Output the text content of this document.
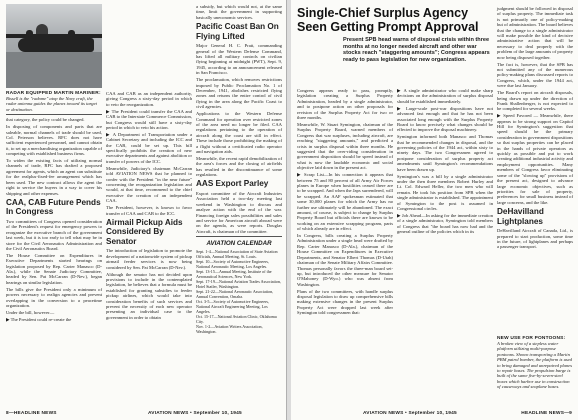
RADAR EQUIPPED MARTIN MARINER:
Bissell is the "radome" atop the Navy craft, the radar antenna guides the planes toward its target or destination.

that category, the policy could be changed.

In disposing of components and parts that are saleable, normal channels of trade should be used, Col. Peterson believes. RFC does not have sufficient experienced personnel, and cannot obtain it, to set up a merchandising organization capable of competing with established business firms.

To widen the existing facts of utilizing normal channels of trade, RFC has drafted a proposed agreement for agents, which an agent can substitute for the realplus-fixed-fee arrangement which has been used. The new contract allows the agent the right to service the buyers in a way to cover his shipping and other expenses.

CAA, CAB Future Pends In Congress

Two committees of Congress opened consideration of the President's request for emergency powers to reorganize the executive branch of the government last week, but it is too early to tell what may be in store for the Civil Aeronautics Administration and the Civil Aeronautics Board.

The House Committee on Expenditures in Executive Departments started hearings on legislation proposed by Rep. Carter Manasco (D-Ala.), while the Senate Judiciary Committee, headed by Sen. Pat McCarran (D-Nev.), began hearings on similar legislation.

The bills give the President only a minimum of powers necessary to realign agencies and prevent overlapping in the conversion to a peacetime organization.

Under the bill, however—

▶ The President could re-create the

CAA and CAB as an independent authority, giving Congress a sixty-day period in which to veto the reorganization.

▶ The President could transfer the CAA and CAB to the Interstate Commerce Commission, but Congress would still have a sixty-day period in which to veto his action.

▶ A Department of Transportation under a Cabinet Secretary and including the ICC and the CAB, could be set up. This bill specifically prohibits the creation of new executive departments and against abolition or transfer of powers of the ICC.

Meanwhile, Judiciary's chairman McCarran told AVIATION NEWS that he planned to confer with the President "in the near future" concerning the reorganization legislation and would, at that time, recommend to the chief executive the creation of an independent CAA.

The President, however, is known to favor transfer of CAA and CAB to the ICC.

Airmail Pickup Aids Considered By Senator

The introduction of legislation to promote the development of a nationwide system of pickup airmail feeder services is now being considered by Sen. Pat McCarran (D-Nev.).

Although the senator has not decided upon provisions to include in the contemplated legislation, he believes that a formula must be established for granting subsidies to feeder pickup airlines, which would take into consideration benefits of such services and prevent the necessity of each new operator presenting an individual case to the government in order to obtain

a subsidy, but which would not, at the same time, limit the government in supporting basically uneconomic services.

Pacific Coast Ban On Flying Lifted

Major General H. C. Pratt, commanding general of the Western Defense Command, has lifted all military controls on civilian flying beginning at midnight (PWT), Sept. 9, 1945, according to an announcement released in San Francisco.

The proclamation, which removes restrictions imposed by Public Proclamation No. 1 of December, 1941, abolishes restricted flying zones and returns the entire control of civil flying in the area along the Pacific Coast to civil agencies.

Applications to the Western Defense Command for operation over restricted zones of the area need no longer be filed. CAA regulations pertaining to the operation of aircraft along the coast are still in effect. These include those prohibiting the making of a flight without a certificated radio operator and navigation aids.

Meanwhile, the recent rapid demobilization of the area's forces and the closing of airfields has resulted in the discontinuance of some regulations.

AAS Export Parley

Export committee of the Aircraft Industries Association held a two-day meeting last weekend in Washington to discuss and analyze action with the end of the war. Financing foreign sales possibilities and sales and service for American aircraft abroad were on the agenda, as were reports. Douglas Aircraft, is chairman of the committee.

AVIATION CALENDAR
Sept. 1-4—National Association of State Aviation Officials, Annual Meeting, St. Louis.
Sept. 10—Society of Automotive Engineers, National Aeronautic Meeting, Los Angeles.
Sept. 13-15—Annual Meeting, Institute of the Aeronautical Sciences, New York.
Sept. 17-19—National Aviation Trades Association, Hotel Statler, Washington.
Sept. 21-22—National Aeronautic Association, Annual Convention, Omaha.
Oct. 3-5—Society of Automotive Engineers, National Aircraft Engineering Meeting, Los Angeles.
Oct. 15-17—National Aviation Clinic, Oklahoma City.
Nov. 1-2—Aviation Writers Association, Washington.
8—HEADLINE NEWS	AVIATION NEWS • September 10, 1945
Single-Chief Surplus Agency Seen Getting Prompt Approval
Present SPB head warns of disposal crisis within three months at no longer needed aircraft and other war stocks reach "staggering amounts"; Congress appears ready to pass legislation for new organization.

Congress appears ready to pass, promptly, legislation creating a Surplus Property Administration, headed by a single administrator, and to postpone action on other proposals for revision of the Surplus Property Act for two or three months.

Meanwhile, W. Stuart Symington, chairman of the Surplus Property Board, warned members of Congress that war surpluses, including aircraft, are reaching "staggering amounts," and predicted a crisis in surplus disposal within three months. He suggested that the over-riding consideration in government disposition should be speed instead of what is now the laudable economic and social objective laid down in the present act.

▶ Scrap List—In his connection it appears that between 75 and 80 percent of all Army Air Forces planes in Europe when hostilities ceased there are to be scrapped. And when the Japs surrendered, will be scrapped. An AAF spokesman estimated that some 30,000 planes for which the Army has no further use ultimately will be abandoned. The exact amount, of course, is subject to change by Surplus Property Board but officials there are known to be working on an extensive scrapping program, parts of which already are in effect.

In Congress, bills creating a Surplus Property Administration under a single head were drafted by Rep. Carter Manasco (D-Ala.), chairman of the House Committee on Expenditures in Executive Departments, and Senator Elbert Thomas (D-Utah) chairman of the Senate Military Affairs Committee. Thomas personally favors the three-man board set-up, but introduced the other measure for Senator O'Mahoney (D-Wyo.) who was absent from Washington.

Plans of the two committees, with handle surplus disposal legislation to draw up comprehensive bills making extensive changes in the present Surplus Property Act were dropped last week after Symington told congressmen that:

▶ A single administrator who could make sharp decisions on the administration of surplus disposal should be established immediately.

▶ Large-scale post-war dispositions have not advanced fast enough and that he has not been associated long enough with the Surplus Property Board to know precisely what changes should be effected to improve the disposal machinery.

Symington informed both Manasco and Thomas that he recommended changes in disposal, and the governing policies of the 1944 act, within sixty to ninety days. The two Congressmen agreed to postpone consideration of surplus property act amendments until Symington's recommendations have been drawn up.

Symington's was a bill by a single administrator under the then three members Robert Hurley and Lt. Col. Edward Heller, the two men who will remain. He took his position from SPB when the single administrator is established. The appointment of Symington to the post is assumed in Congressional circles.

▶ Job Ahead—In asking for the immediate creation of a single administrator, Symington told members of Congress that "the board has now had and the general outline of the policies which in its

judgment should be followed in disposal of surplus property. The immediate task is not primarily one of policy-making but of administration. The board believes that the change to a single administrator will make possible the kind of decisive administrative action that will be necessary to deal properly with the problem of the large amounts of property now being disposed together.

The fact is, however, that the SPB has not submitted any of the numerous policy-making plans discussed reports to Congress, which, under the 1944 act, were due last January.

The Board's report on aircraft disposals, being drawn up under the direction of Frank Shallenberger, is not expected to be completed for several weeks.

▶ Speed Favored — Meanwhile, there appears to be strong support on Capitol Hill for Symington's suggestion that speed should be the primary consideration in government dispositions so that surplus properties can be placed in the hands of private operators as quickly as possible and put to work creating additional industrial activity and employment opportunities. Many members of Congress favor eliminating some of the "slowing up" provisions of the present act, designed to advance large economic objectives, such as priorities for sale of property, preferences for small business instead of large concerns, and the like.

DeHavilland Lightplanes

DeHavilland Aircraft of Canada, Ltd., is prepared to start production, some time in the future, of lightplanes and perhaps a passenger transport.

NEW USE FOR PONTOONS:
A broken view of a stepless water platform utilizing multi-purpose pontoons. Shown transporting a Martin PBM patrol bomber, the platform is used to bring damaged and unrepaired planes to repair bases. The propulsion barge is built of the same five-by-seven-steel boxes which harbor use in construction of causeways and seaplane bases.
AVIATION NEWS • September 10, 1945	HEADLINE NEWS—9
